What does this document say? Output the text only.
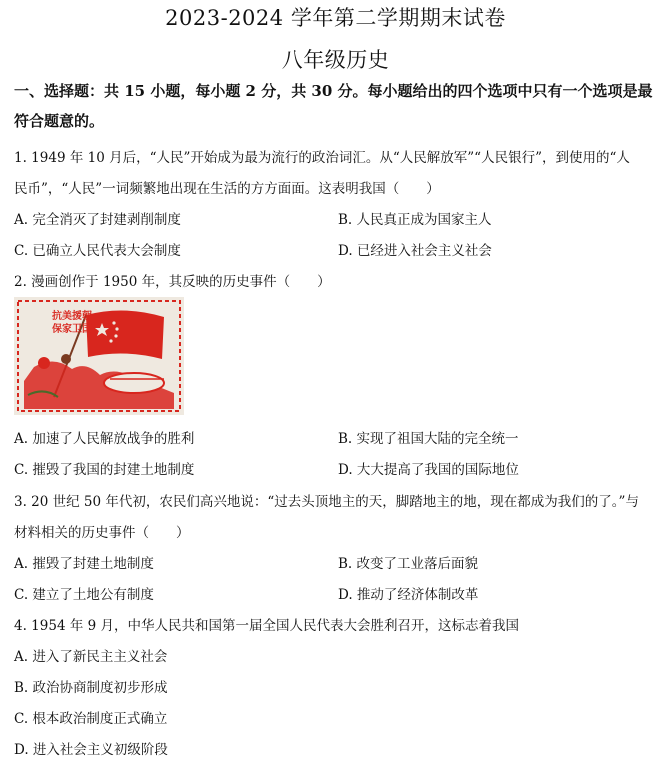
2023-2024 学年第二学期期末试卷
八年级历史
一、选择题：共 15 小题，每小题 2 分，共 30 分。每小题给出的四个选项中只有一个选项是最符合题意的。
1. 1949 年 10 月后，“人民”开始成为最为流行的政治词汇。从“人民解放军”“人民银行”，到使用的“人
民币”，“人民”一词频繁地出现在生活的方方面面。这表明我国（　　）
A. 完全消灭了封建剥削制度	B. 人民真正成为国家主人
C. 已确立人民代表大会制度	D. 已经进入社会主义社会
2. 漫画创作于 1950 年，其反映的历史事件（　　）
抗美援朝
保家卫国
A. 加速了人民解放战争的胜利	B. 实现了祖国大陆的完全统一
C. 摧毁了我国的封建土地制度	D. 大大提高了我国的国际地位
3. 20 世纪 50 年代初，农民们高兴地说：“过去头顶地主的天，脚踏地主的地，现在都成为我们的了。”与
材料相关的历史事件（　　）
A. 摧毁了封建土地制度	B. 改变了工业落后面貌
C. 建立了土地公有制度	D. 推动了经济体制改革
4. 1954 年 9 月，中华人民共和国第一届全国人民代表大会胜利召开，这标志着我国
A. 进入了新民主主义社会
B. 政治协商制度初步形成
C. 根本政治制度正式确立
D. 进入社会主义初级阶段
